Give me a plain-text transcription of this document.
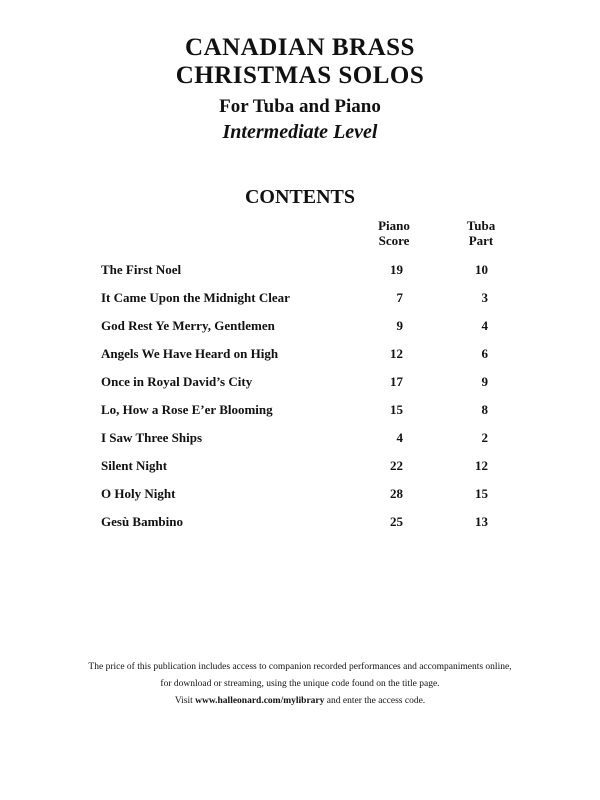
CANADIAN BRASS
CHRISTMAS SOLOS
For Tuba and Piano
Intermediate Level
CONTENTS
Piano
Score
Tuba
Part
The First Noel	19	10
It Came Upon the Midnight Clear	7	3
God Rest Ye Merry, Gentlemen	9	4
Angels We Have Heard on High	12	6
Once in Royal David’s City	17	9
Lo, How a Rose E’er Blooming	15	8
I Saw Three Ships	4	2
Silent Night	22	12
O Holy Night	28	15
Gesù Bambino	25	13
The price of this publication includes access to companion recorded performances and accompaniments online,
for download or streaming, using the unique code found on the title page.
Visit www.halleonard.com/mylibrary and enter the access code.
